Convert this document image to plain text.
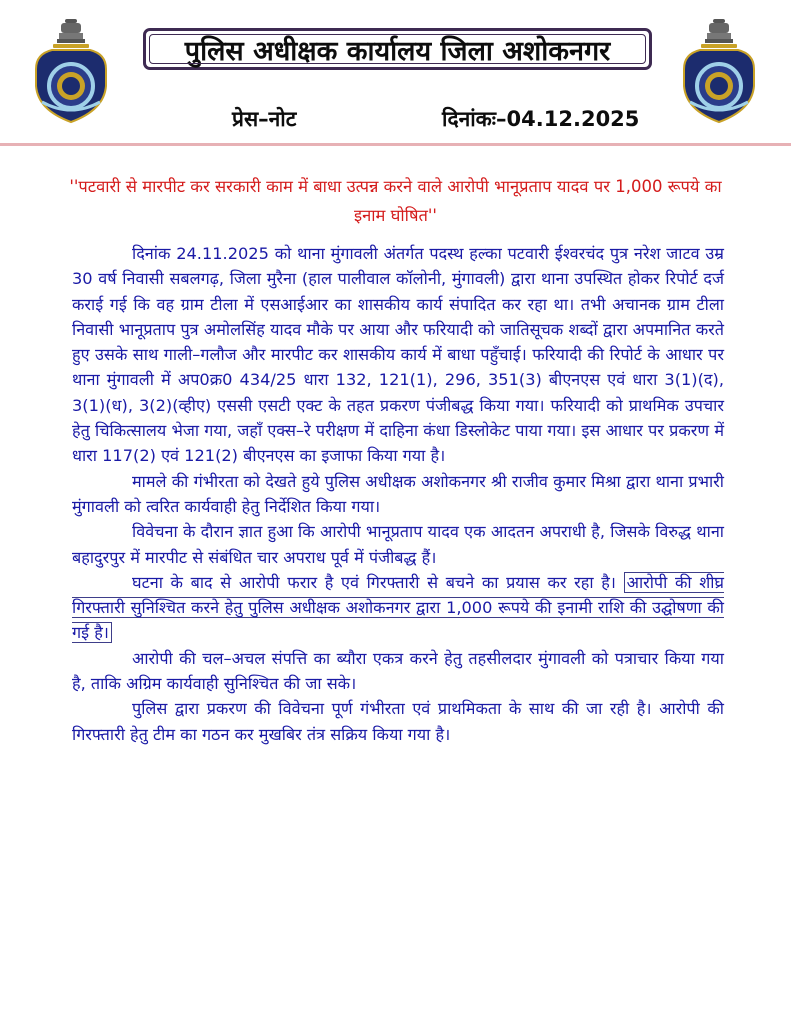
पुलिस अधीक्षक कार्यालय जिला अशोकनगर
प्रेस–नोट	दिनांकः–04.12.2025
''पटवारी से मारपीट कर सरकारी काम में बाधा उत्पन्न करने वाले आरोपी भानूप्रताप यादव पर 1,000 रूपये का इनाम घोषित''

दिनांक 24.11.2025 को थाना मुंगावली अंतर्गत पदस्थ हल्का पटवारी ईश्वरचंद पुत्र नरेश जाटव उम्र 30 वर्ष निवासी सबलगढ़, जिला मुरैना (हाल पालीवाल कॉलोनी, मुंगावली) द्वारा थाना उपस्थित होकर रिपोर्ट दर्ज कराई गई कि वह ग्राम टीला में एसआईआर का शासकीय कार्य संपादित कर रहा था। तभी अचानक ग्राम टीला निवासी भानूप्रताप पुत्र अमोलसिंह यादव मौके पर आया और फरियादी को जातिसूचक शब्दों द्वारा अपमानित करते हुए उसके साथ गाली–गलौज और मारपीट कर शासकीय कार्य में बाधा पहुँचाई। फरियादी की रिपोर्ट के आधार पर थाना मुंगावली में अप0क्र0 434/25 धारा 132, 121(1), 296, 351(3) बीएनएस एवं धारा 3(1)(द), 3(1)(ध), 3(2)(व्हीए) एससी एसटी एक्ट के तहत प्रकरण पंजीबद्ध किया गया। फरियादी को प्राथमिक उपचार हेतु चिकित्सालय भेजा गया, जहाँ एक्स–रे परीक्षण में दाहिना कंधा डिस्लोकेट पाया गया। इस आधार पर प्रकरण में धारा 117(2) एवं 121(2) बीएनएस का इजाफा किया गया है।

मामले की गंभीरता को देखते हुये पुलिस अधीक्षक अशोकनगर श्री राजीव कुमार मिश्रा द्वारा थाना प्रभारी मुंगावली को त्वरित कार्यवाही हेतु निर्देशित किया गया।

विवेचना के दौरान ज्ञात हुआ कि आरोपी भानूप्रताप यादव एक आदतन अपराधी है, जिसके विरुद्ध थाना बहादुरपुर में मारपीट से संबंधित चार अपराध पूर्व में पंजीबद्ध हैं।

घटना के बाद से आरोपी फरार है एवं गिरफ्तारी से बचने का प्रयास कर रहा है। आरोपी की शीघ्र गिरफ्तारी सुनिश्चित करने हेतु पुलिस अधीक्षक अशोकनगर द्वारा 1,000 रूपये की इनामी राशि की उद्घोषणा की गई है।

आरोपी की चल–अचल संपत्ति का ब्यौरा एकत्र करने हेतु तहसीलदार मुंगावली को पत्राचार किया गया है, ताकि अग्रिम कार्यवाही सुनिश्चित की जा सके।

पुलिस द्वारा प्रकरण की विवेचना पूर्ण गंभीरता एवं प्राथमिकता के साथ की जा रही है। आरोपी की गिरफ्तारी हेतु टीम का गठन कर मुखबिर तंत्र सक्रिय किया गया है।
